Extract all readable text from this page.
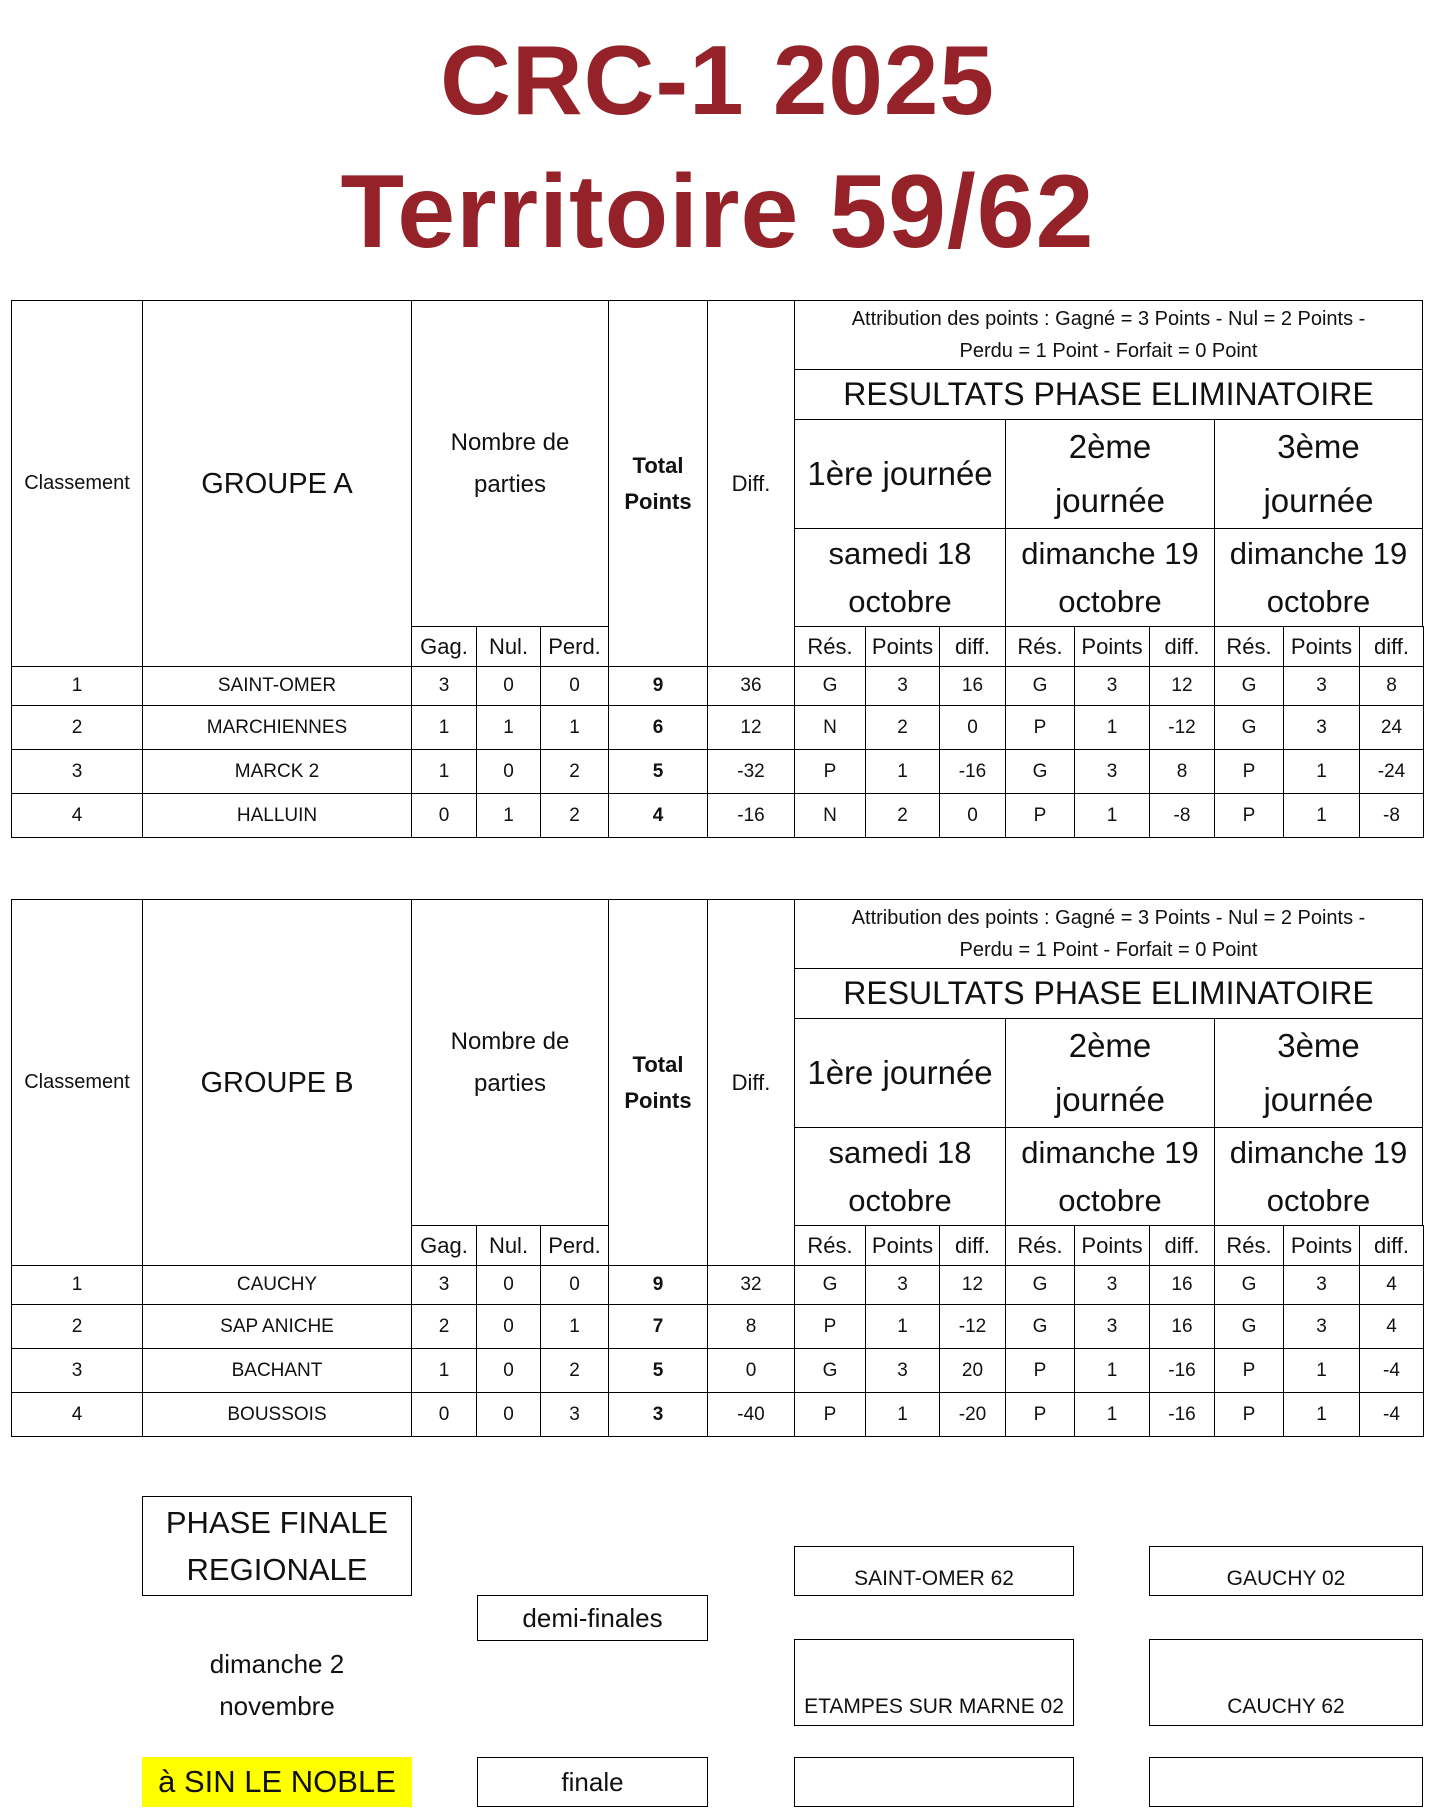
CRC-1 2025
Territoire 59/62
Classement GROUPE A
Nombre de parties
Gag. Nul. Perd.
Total
Points
Diff.
Attribution des points : Gagné = 3 Points - Nul = 2 Points -
Perdu = 1 Point - Forfait = 0 Point
RESULTATS PHASE ELIMINATOIRE
1ère journée
2ème
journée
3ème
journée
samedi 18
octobre
dimanche 19
octobre
dimanche 19
octobre
Rés. Points diff. Rés. Points diff. Rés. Points diff.
1	SAINT-OMER	3	0	0	9	36	G	3	16	G	3	12	G	3	8
2	MARCHIENNES	1	1	1	6	12	N	2	0	P	1	-12 G	3	24
3	MARCK 2	1	0	2	5	-32	P	1	-16 G	3	8	P	1	-24
4	HALLUIN	0	1	2	4	-16	N	2	0	P	1	-8	P	1	-8
Classement GROUPE B
Nombre de parties
Gag. Nul. Perd.
Total
Points
Diff.
Attribution des points : Gagné = 3 Points - Nul = 2 Points -
Perdu = 1 Point - Forfait = 0 Point
RESULTATS PHASE ELIMINATOIRE
1ère journée
2ème
journée
3ème
journée
samedi 18
octobre
dimanche 19
octobre
dimanche 19
octobre
Rés. Points diff. Rés. Points diff. Rés. Points diff.
1	CAUCHY	3	0	0	9	32	G	3	12	G	3	16	G	3	4
2	SAP ANICHE	2	0	1	7	8	P	1	-12 G	3	16	G	3	4
3	BACHANT	1	0	2	5	0	G	3	20	P	1	-16 P	1	-4
4	BOUSSOIS	0	0	3	3	-40	P	1	-20 P	1	-16 P	1	-4
PHASE FINALE
REGIONALE
dimanche 2
novembre
à SIN LE NOBLE
demi-finales
finale
SAINT-OMER 62
ETAMPES SUR MARNE 02
GAUCHY 02
CAUCHY 62
